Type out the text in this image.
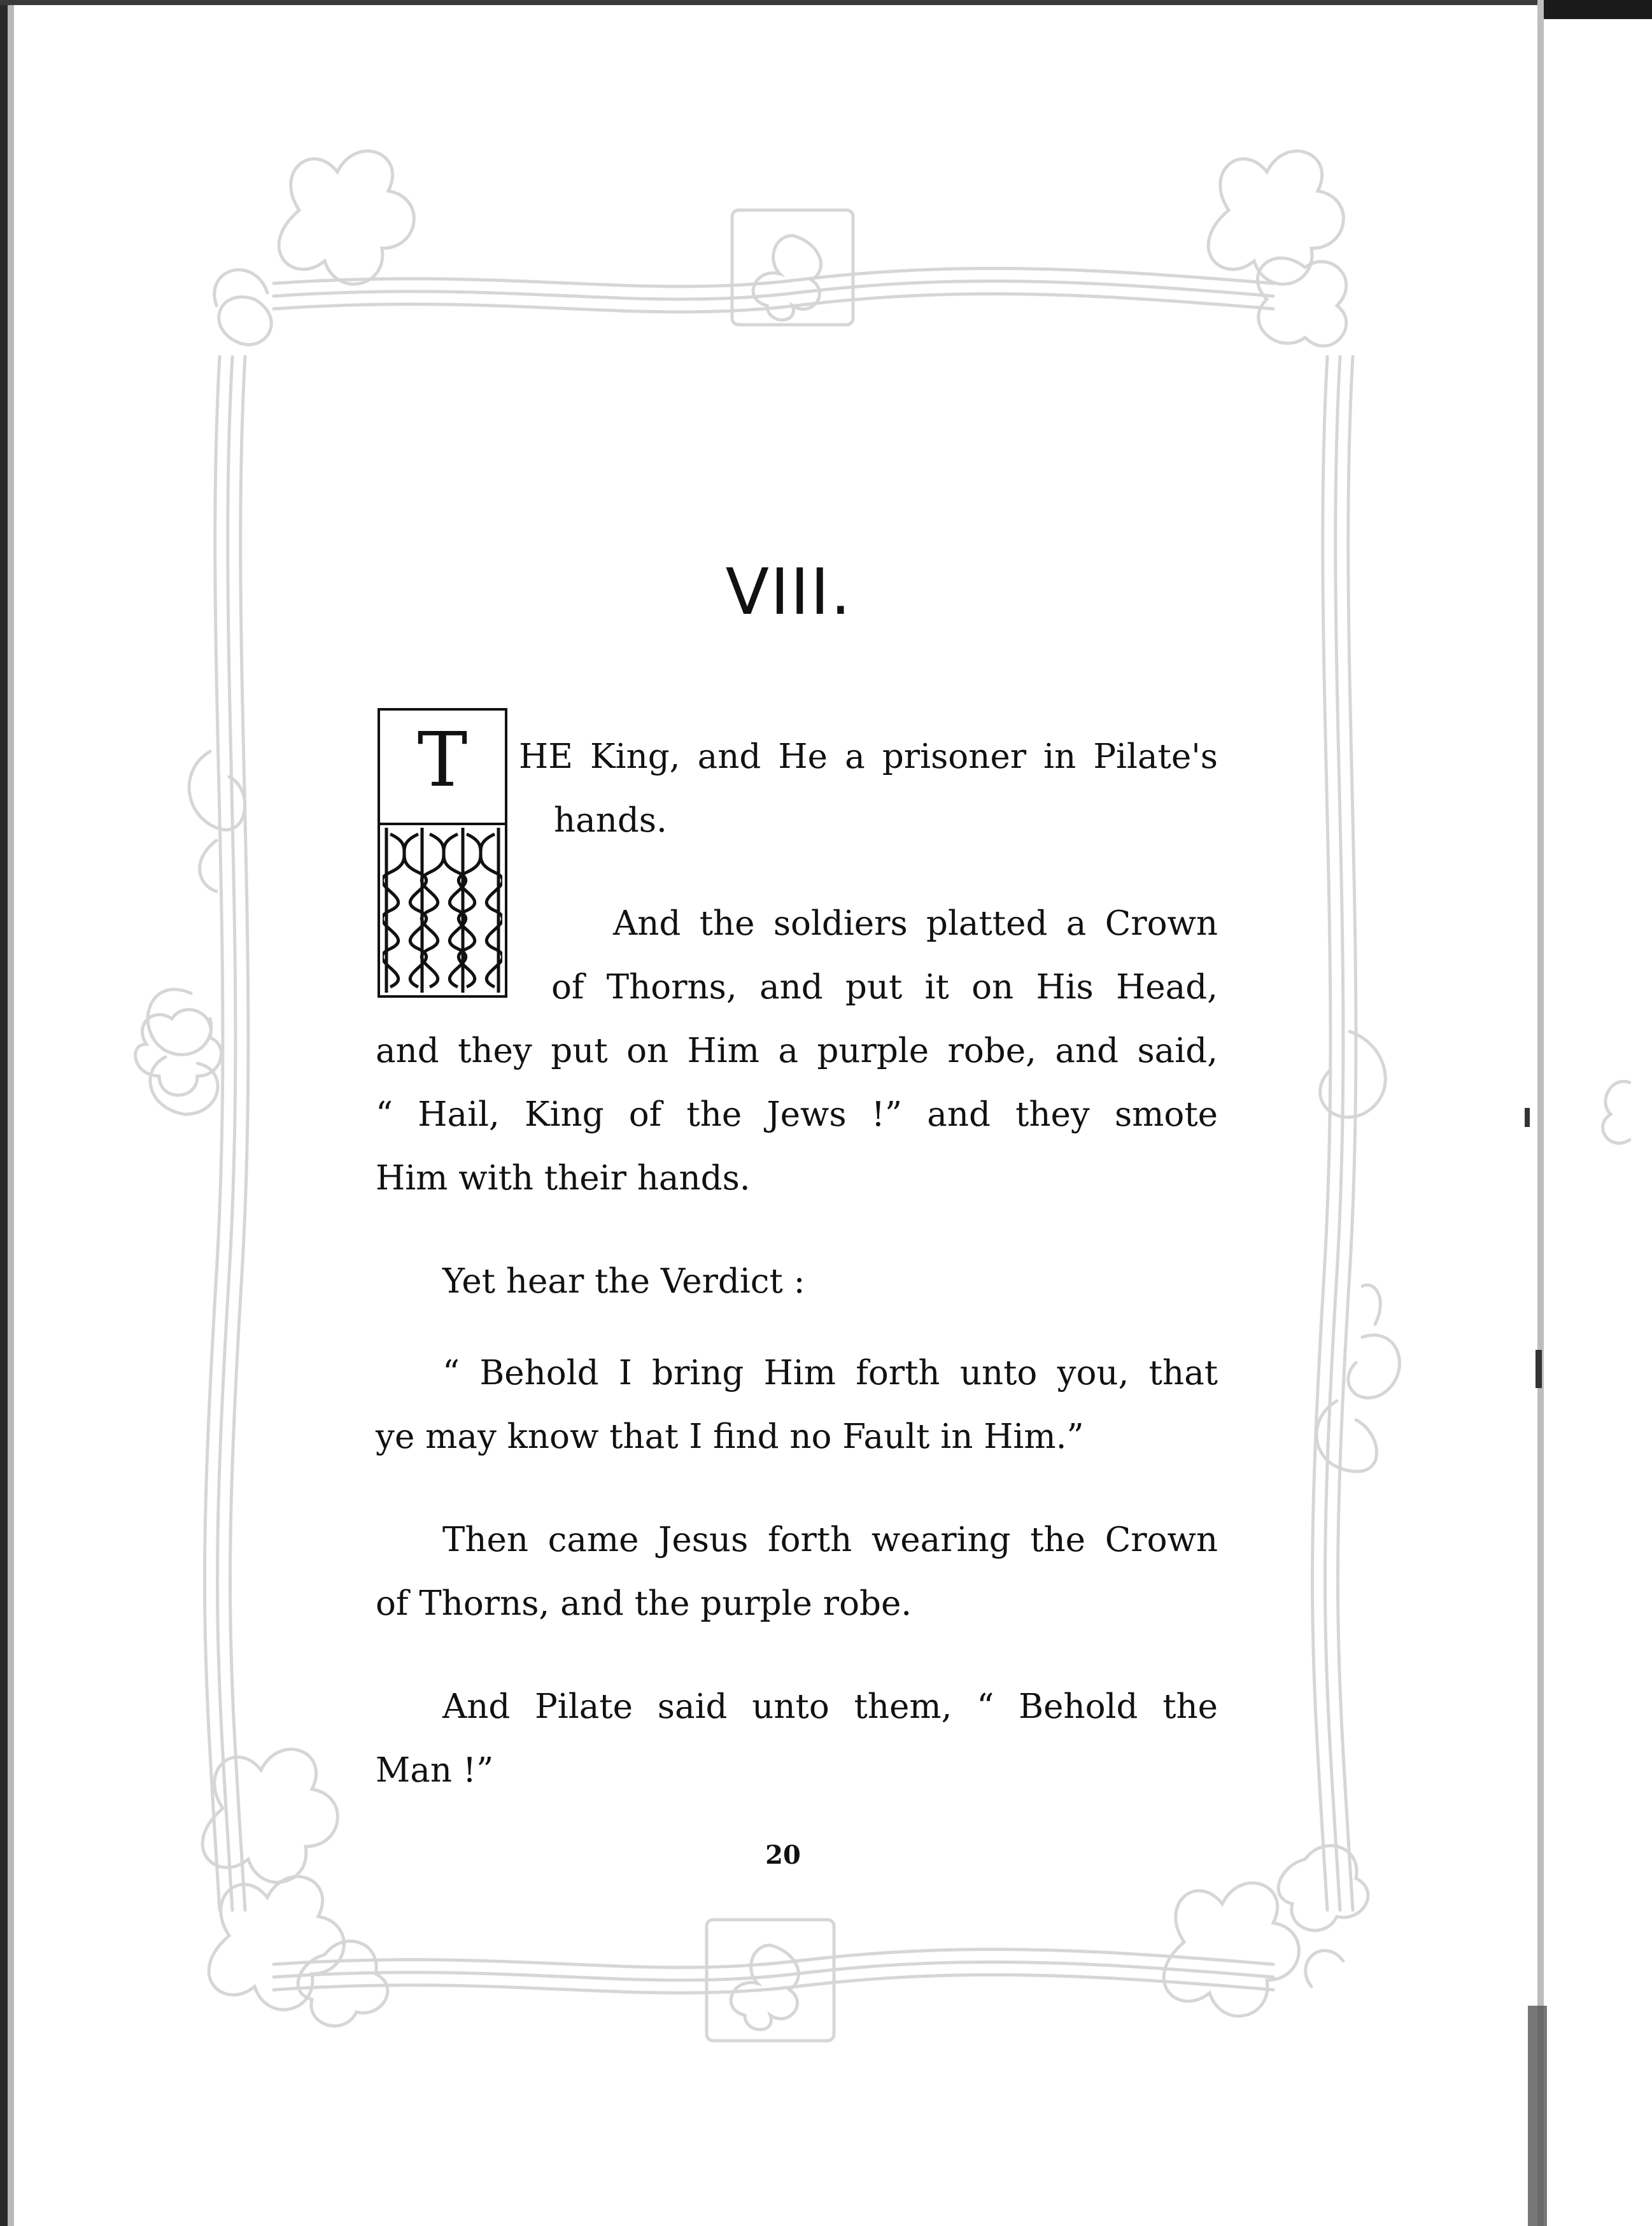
VIII.
T	HE King, and He a prisoner in Pilate's
hands.
And the soldiers platted a Crown
of Thorns, and put it on His Head,
and they put on Him a purple robe, and said,
“ Hail, King of the Jews !” and they smote
Him with their hands.
Yet hear the Verdict :
“ Behold I bring Him forth unto you, that
ye may know that I find no Fault in Him.”
Then came Jesus forth wearing the Crown
of Thorns, and the purple robe.
And Pilate said unto them, “ Behold the
Man !”
20
